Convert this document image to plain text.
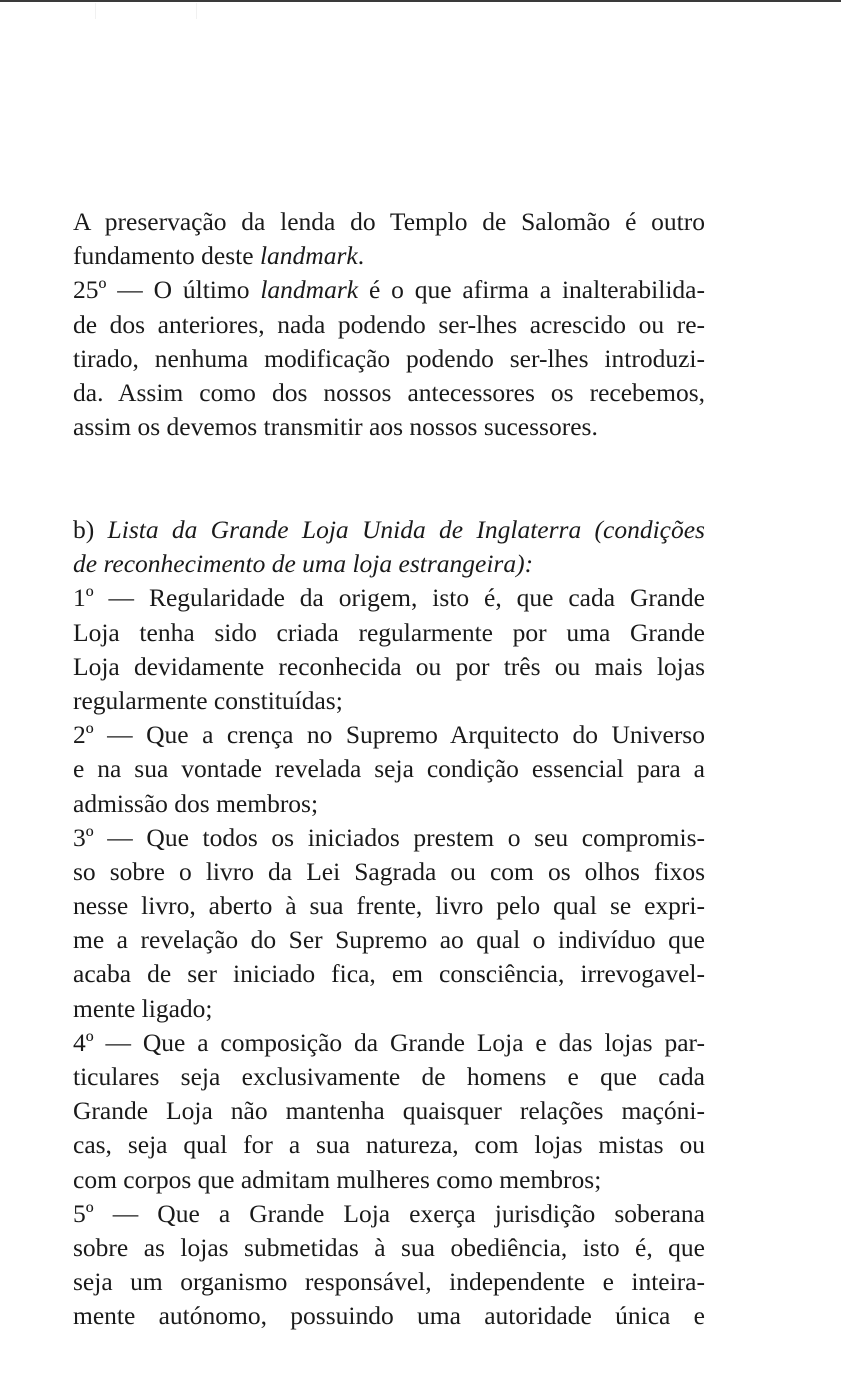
A preservação da lenda do Templo de Salomão é outro
fundamento deste landmark.
25º — O último landmark é o que afirma a inalterabilida-
de dos anteriores, nada podendo ser-lhes acrescido ou re-
tirado, nenhuma modificação podendo ser-lhes introduzi-
da. Assim como dos nossos antecessores os recebemos,
assim os devemos transmitir aos nossos sucessores.
b) Lista da Grande Loja Unida de Inglaterra (condições
de reconhecimento de uma loja estrangeira):
1º — Regularidade da origem, isto é, que cada Grande
Loja tenha sido criada regularmente por uma Grande
Loja devidamente reconhecida ou por três ou mais lojas
regularmente constituídas;
2º — Que a crença no Supremo Arquitecto do Universo
e na sua vontade revelada seja condição essencial para a
admissão dos membros;
3º — Que todos os iniciados prestem o seu compromis-
so sobre o livro da Lei Sagrada ou com os olhos fixos
nesse livro, aberto à sua frente, livro pelo qual se expri-
me a revelação do Ser Supremo ao qual o indivíduo que
acaba de ser iniciado fica, em consciência, irrevogavel-
mente ligado;
4º — Que a composição da Grande Loja e das lojas par-
ticulares seja exclusivamente de homens e que cada
Grande Loja não mantenha quaisquer relações maçóni-
cas, seja qual for a sua natureza, com lojas mistas ou
com corpos que admitam mulheres como membros;
5º — Que a Grande Loja exerça jurisdição soberana
sobre as lojas submetidas à sua obediência, isto é, que
seja um organismo responsável, independente e inteira-
mente autónomo, possuindo uma autoridade única e
